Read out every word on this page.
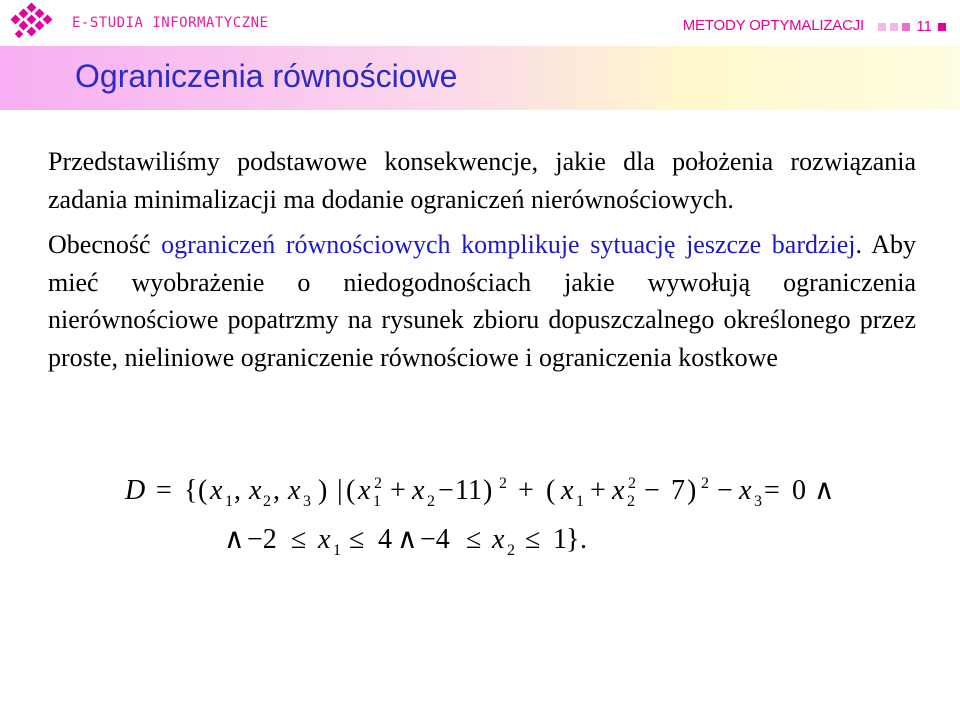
E-STUDIA INFORMATYCZNE	METODY OPTYMALIZACJI	11
Ograniczenia równościowe

Przedstawiliśmy podstawowe konsekwencje, jakie dla położenia rozwiązania zadania minimalizacji ma dodanie ograniczeń nierównościowych.

Obecność ograniczeń równościowych komplikuje sytuację jeszcze bardziej. Aby mieć wyobrażenie o niedogodnościach jakie wywołują ograniczenia nierównościowe popatrzmy na rysunek zbioru dopuszczalnego określonego przez proste, nieliniowe ograniczenie równościowe i ograniczenia kostkowe

D = { ( x 1 , x 2 , x 3 ) | ( x 2
1 + x 2 − 11 ) 2 + ( x 1 + x 2
2 − 7 ) 2 − x 3 = 0 ∧
∧ −2 ≤ x 1 ≤ 4 ∧ −4 ≤ x 2 ≤ 1 } .
